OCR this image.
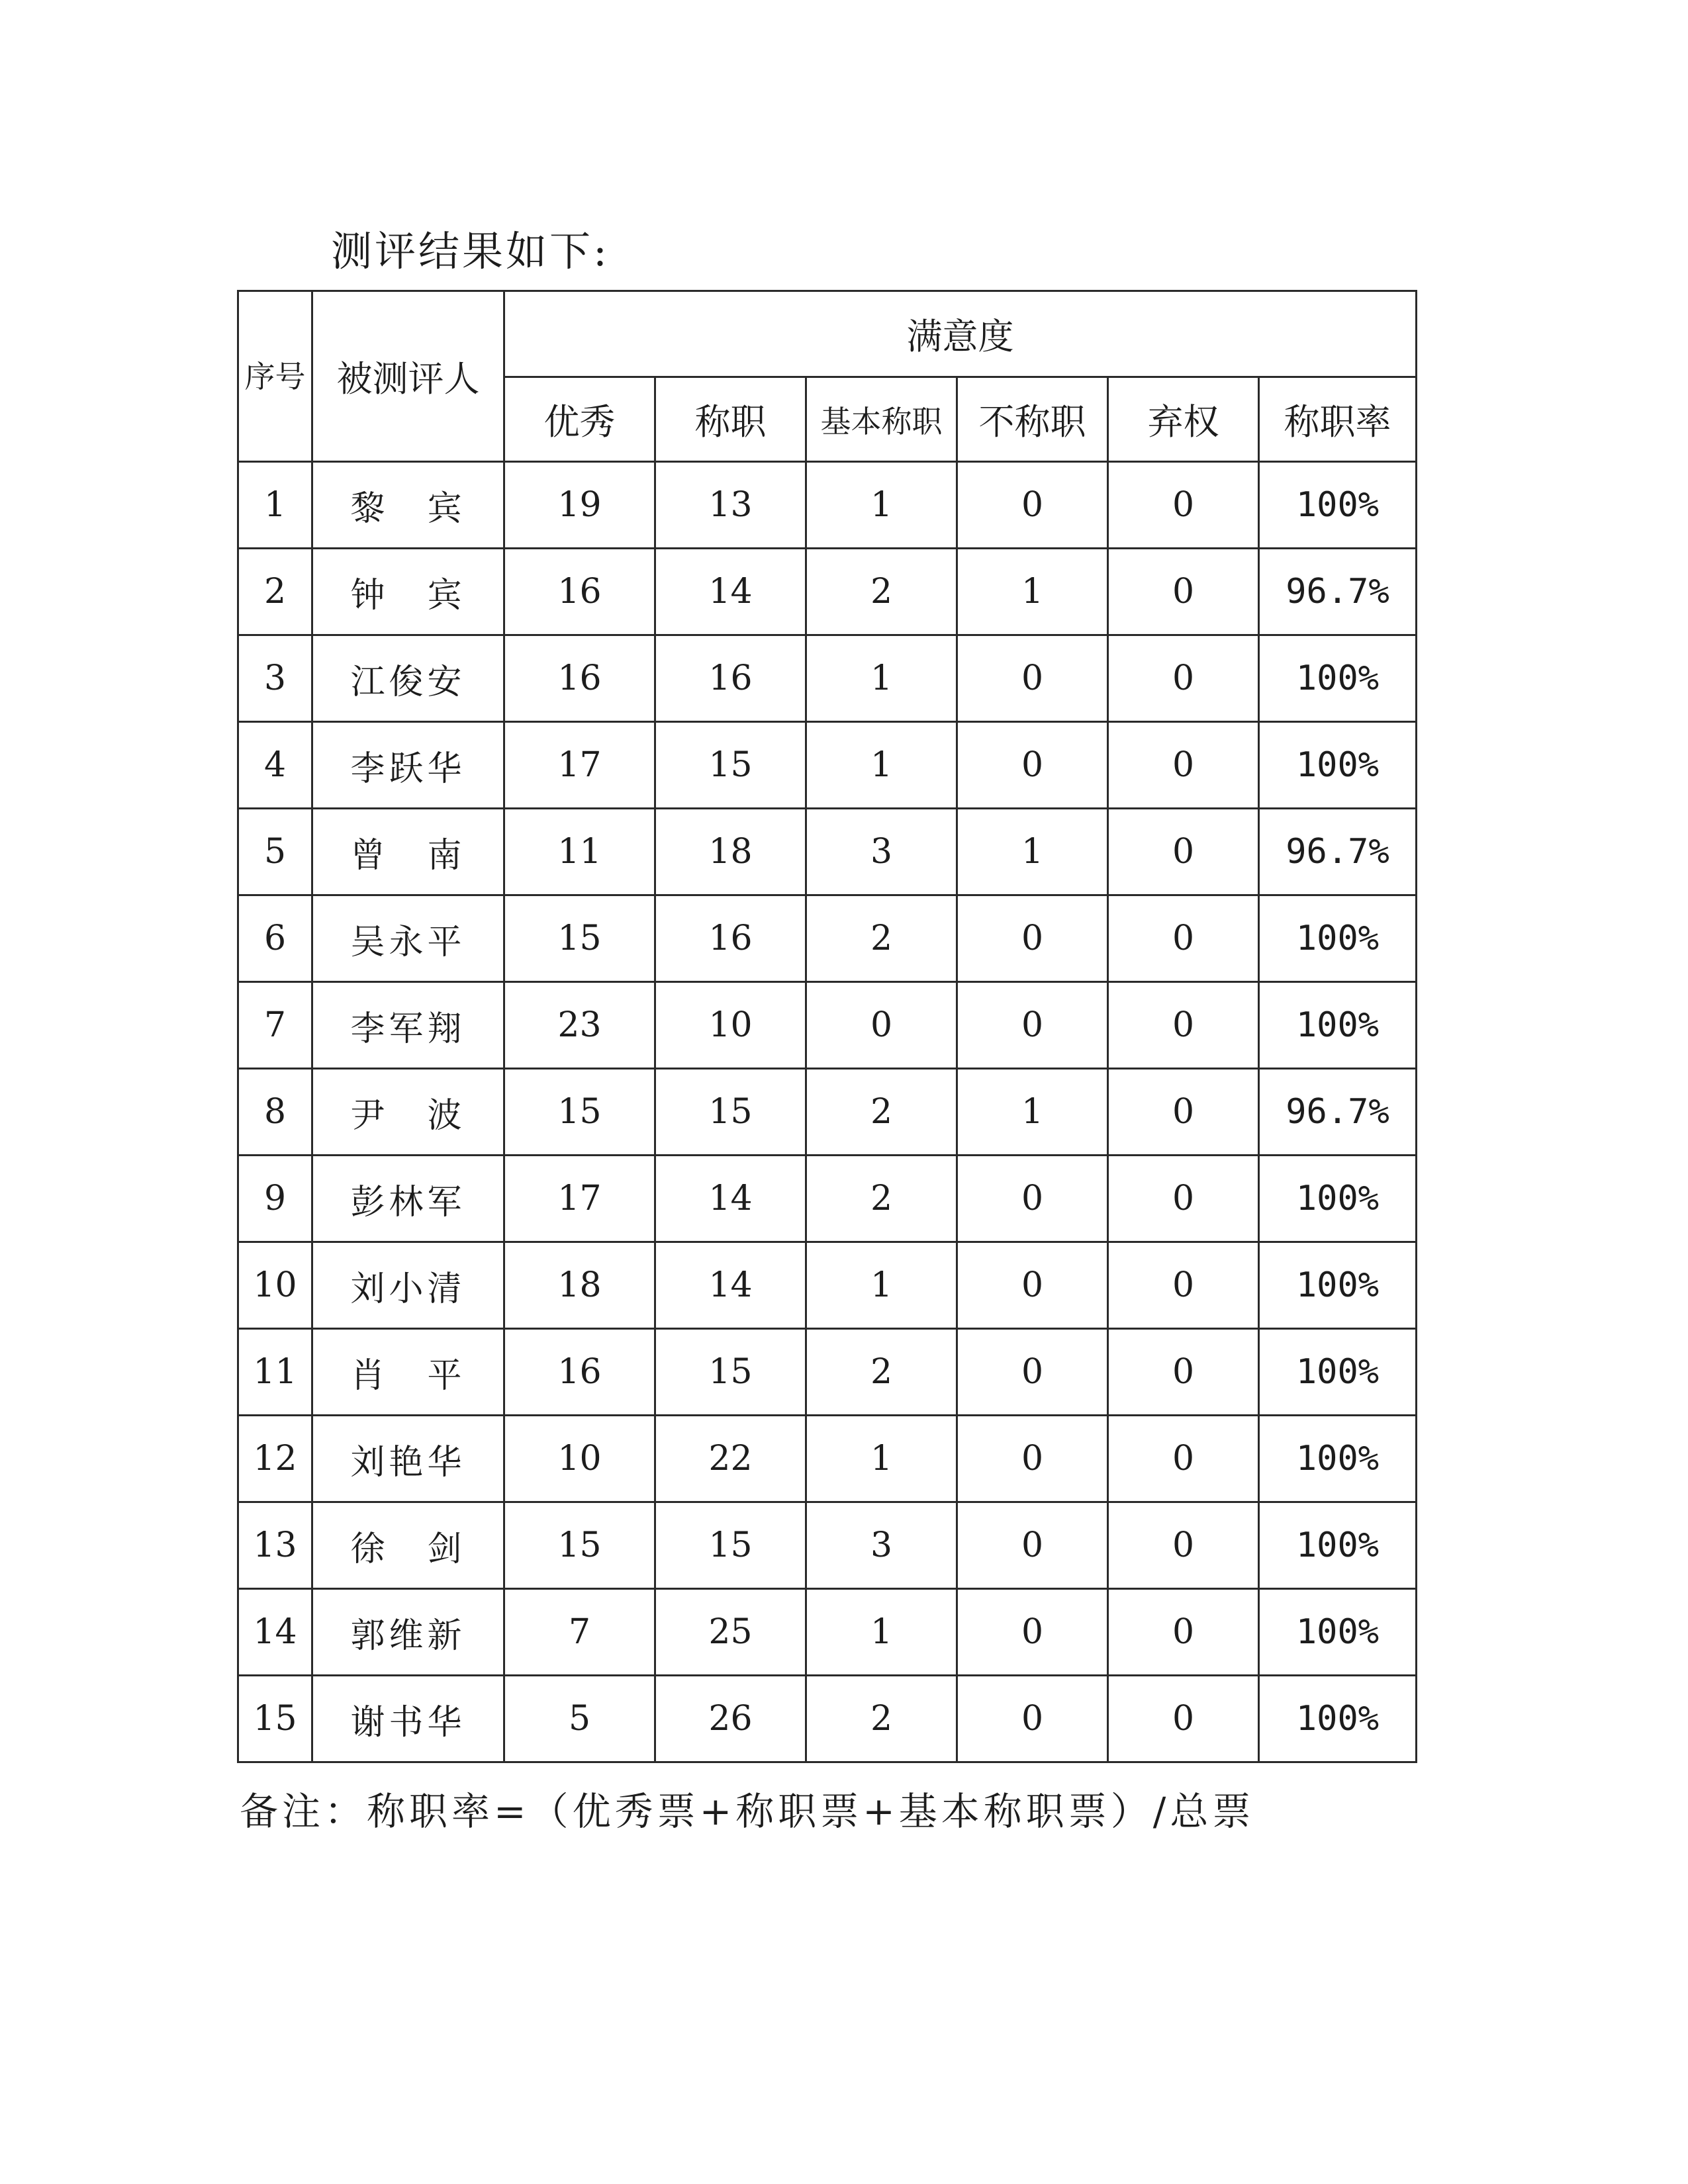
测评结果如下:
序号	被测评人	满意度					
		优秀	称职	基本称职	不称职	弃权	称职率
1	黎　宾	19	13	1	0	0	100%
2	钟　宾	16	14	2	1	0	96.7%
3	江俊安	16	16	1	0	0	100%
4	李跃华	17	15	1	0	0	100%
5	曾　南	11	18	3	1	0	96.7%
6	吴永平	15	16	2	0	0	100%
7	李军翔	23	10	0	0	0	100%
8	尹　波	15	15	2	1	0	96.7%
9	彭林军	17	14	2	0	0	100%
10	刘小清	18	14	1	0	0	100%
11	肖　平	16	15	2	0	0	100%
12	刘艳华	10	22	1	0	0	100%
13	徐　剑	15	15	3	0	0	100%
14	郭维新	7	25	1	0	0	100%
15	谢书华	5	26	2	0	0	100%
备注：称职率=（优秀票+称职票+基本称职票）/总票
